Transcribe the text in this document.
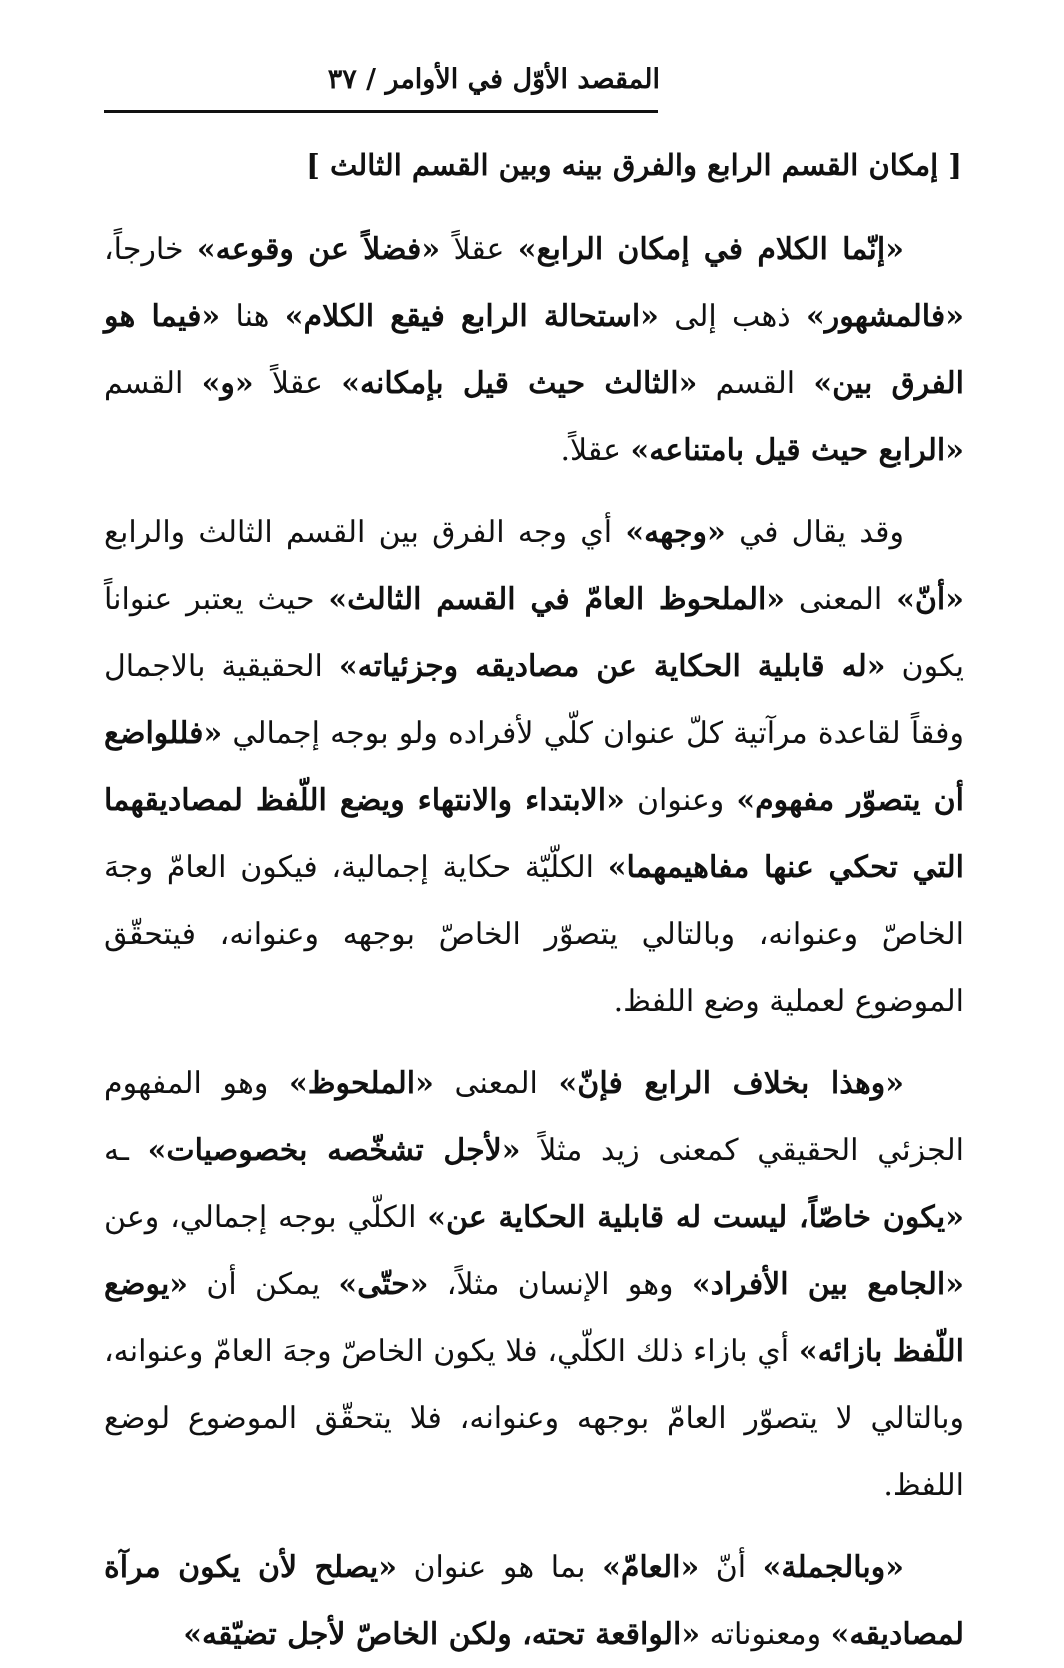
المقصد الأوّل في الأوامر / ٣٧
[ إمكان القسم الرابع والفرق بينه وبين القسم الثالث ]

«إنّما الكلام في إمكان الرابع» عقلاً «فضلاً عن وقوعه» خارجاً، «فالمشهور» ذهب إلى «استحالة الرابع فيقع الكلام» هنا «فيما هو الفرق بين» القسم «الثالث حيث قيل بإمكانه» عقلاً «و» القسم «الرابع حيث قيل بامتناعه» عقلاً.

وقد يقال في «وجهه» أي وجه الفرق بين القسم الثالث والرابع «أنّ» المعنى «الملحوظ العامّ في القسم الثالث» حيث يعتبر عنواناً يكون «له قابلية الحكاية عن مصاديقه وجزئياته» الحقيقية بالاجمال وفقاً لقاعدة مرآتية كلّ عنوان كلّي لأفراده ولو بوجه إجمالي «فللواضع أن يتصوّر مفهوم» وعنوان «الابتداء والانتهاء ويضع اللّفظ لمصاديقهما التي تحكي عنها مفاهيمهما» الكلّيّة حكاية إجمالية، فيكون العامّ وجهَ الخاصّ وعنوانه، وبالتالي يتصوّر الخاصّ بوجهه وعنوانه، فيتحقّق الموضوع لعملية وضع اللفظ.

«وهذا بخلاف الرابع فإنّ» المعنى «الملحوظ» وهو المفهوم الجزئي الحقيقي كمعنى زيد مثلاً «لأجل تشخّصه بخصوصيات» ـه «يكون خاصّاً، ليست له قابلية الحكاية عن» الكلّي بوجه إجمالي، وعن «الجامع بين الأفراد» وهو الإنسان مثلاً، «حتّى» يمكن أن «يوضع اللّفظ بازائه» أي بازاء ذلك الكلّي، فلا يكون الخاصّ وجهَ العامّ وعنوانه، وبالتالي لا يتصوّر العامّ بوجهه وعنوانه، فلا يتحقّق الموضوع لوضع اللفظ.

«وبالجملة» أنّ «العامّ» بما هو عنوان «يصلح لأن يكون مرآة لمصاديقه» ومعنوناته «الواقعة تحته، ولكن الخاصّ لأجل تضيّقه»
